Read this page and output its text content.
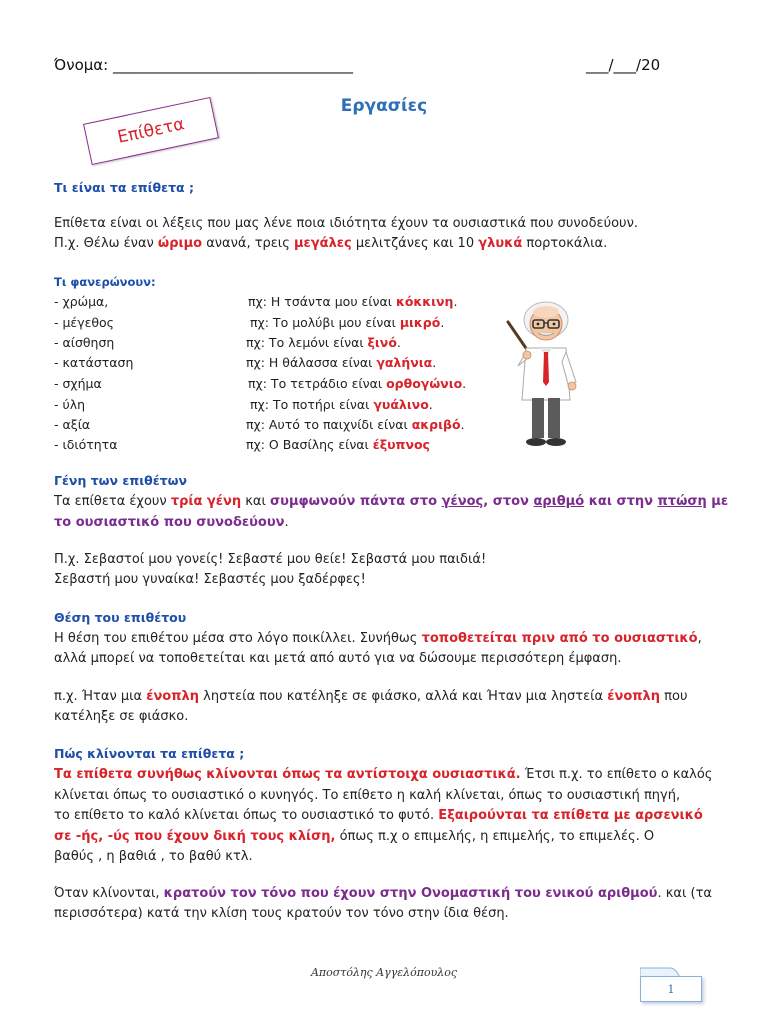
Όνομα: ________________________________	___/___/20
Εργασίες
Επίθετα
Τι είναι τα επίθετα ;
Επίθετα είναι οι λέξεις που μας λένε ποια ιδιότητα έχουν τα ουσιαστικά που συνοδεύουν.
Π.χ. Θέλω έναν ώριμο ανανά, τρεις μεγάλες μελιτζάνες και 10 γλυκά πορτοκάλια.
Τι φανερώνουν:
- χρώμα,	πχ: Η τσάντα μου είναι κόκκινη.
- μέγεθος	πχ: Το μολύβι μου είναι μικρό.
- αίσθηση	πχ: Το λεμόνι είναι ξινό.
- κατάσταση	πχ: Η θάλασσα είναι γαλήνια.
- σχήμα	πχ: Το τετράδιο είναι ορθογώνιο.
- ύλη	πχ: Το ποτήρι είναι γυάλινο.
- αξία	πχ: Αυτό το παιχνίδι είναι ακριβό.
- ιδιότητα	πχ: Ο Βασίλης είναι έξυπνος
Γένη των επιθέτων
Τα επίθετα έχουν τρία γένη και συμφωνούν πάντα στο γένος, στον αριθμό και στην πτώση με
το ουσιαστικό που συνοδεύουν.
Π.χ. Σεβαστοί μου γονείς! Σεβαστέ μου θείε! Σεβαστά μου παιδιά!
Σεβαστή μου γυναίκα! Σεβαστές μου ξαδέρφες!
Θέση του επιθέτου
Η θέση του επιθέτου μέσα στο λόγο ποικίλλει. Συνήθως τοποθετείται πριν από το ουσιαστικό,
αλλά μπορεί να τοποθετείται και μετά από αυτό για να δώσουμε περισσότερη έμφαση.
π.χ. Ήταν μια ένοπλη ληστεία που κατέληξε σε φιάσκο, αλλά και Ήταν μια ληστεία ένοπλη που
κατέληξε σε φιάσκο.
Πώς κλίνονται τα επίθετα ;
Τα επίθετα συνήθως κλίνονται όπως τα αντίστοιχα ουσιαστικά. Έτσι π.χ. το επίθετο ο καλός
κλίνεται όπως το ουσιαστικό ο κυνηγός. Το επίθετο η καλή κλίνεται, όπως το ουσιαστική πηγή,
το επίθετο το καλό κλίνεται όπως το ουσιαστικό το φυτό. Εξαιρούνται τα επίθετα με αρσενικό
σε -ής, -ύς που έχουν δική τους κλίση, όπως π.χ ο επιμελής, η επιμελής, το επιμελές. Ο
βαθύς , η βαθιά , το βαθύ κτλ.
Όταν κλίνονται, κρατούν τον τόνο που έχουν στην Ονομαστική του ενικού αριθμού. και (τα
περισσότερα) κατά την κλίση τους κρατούν τον τόνο στην ίδια θέση.
Αποστόλης Αγγελόπουλος
1
